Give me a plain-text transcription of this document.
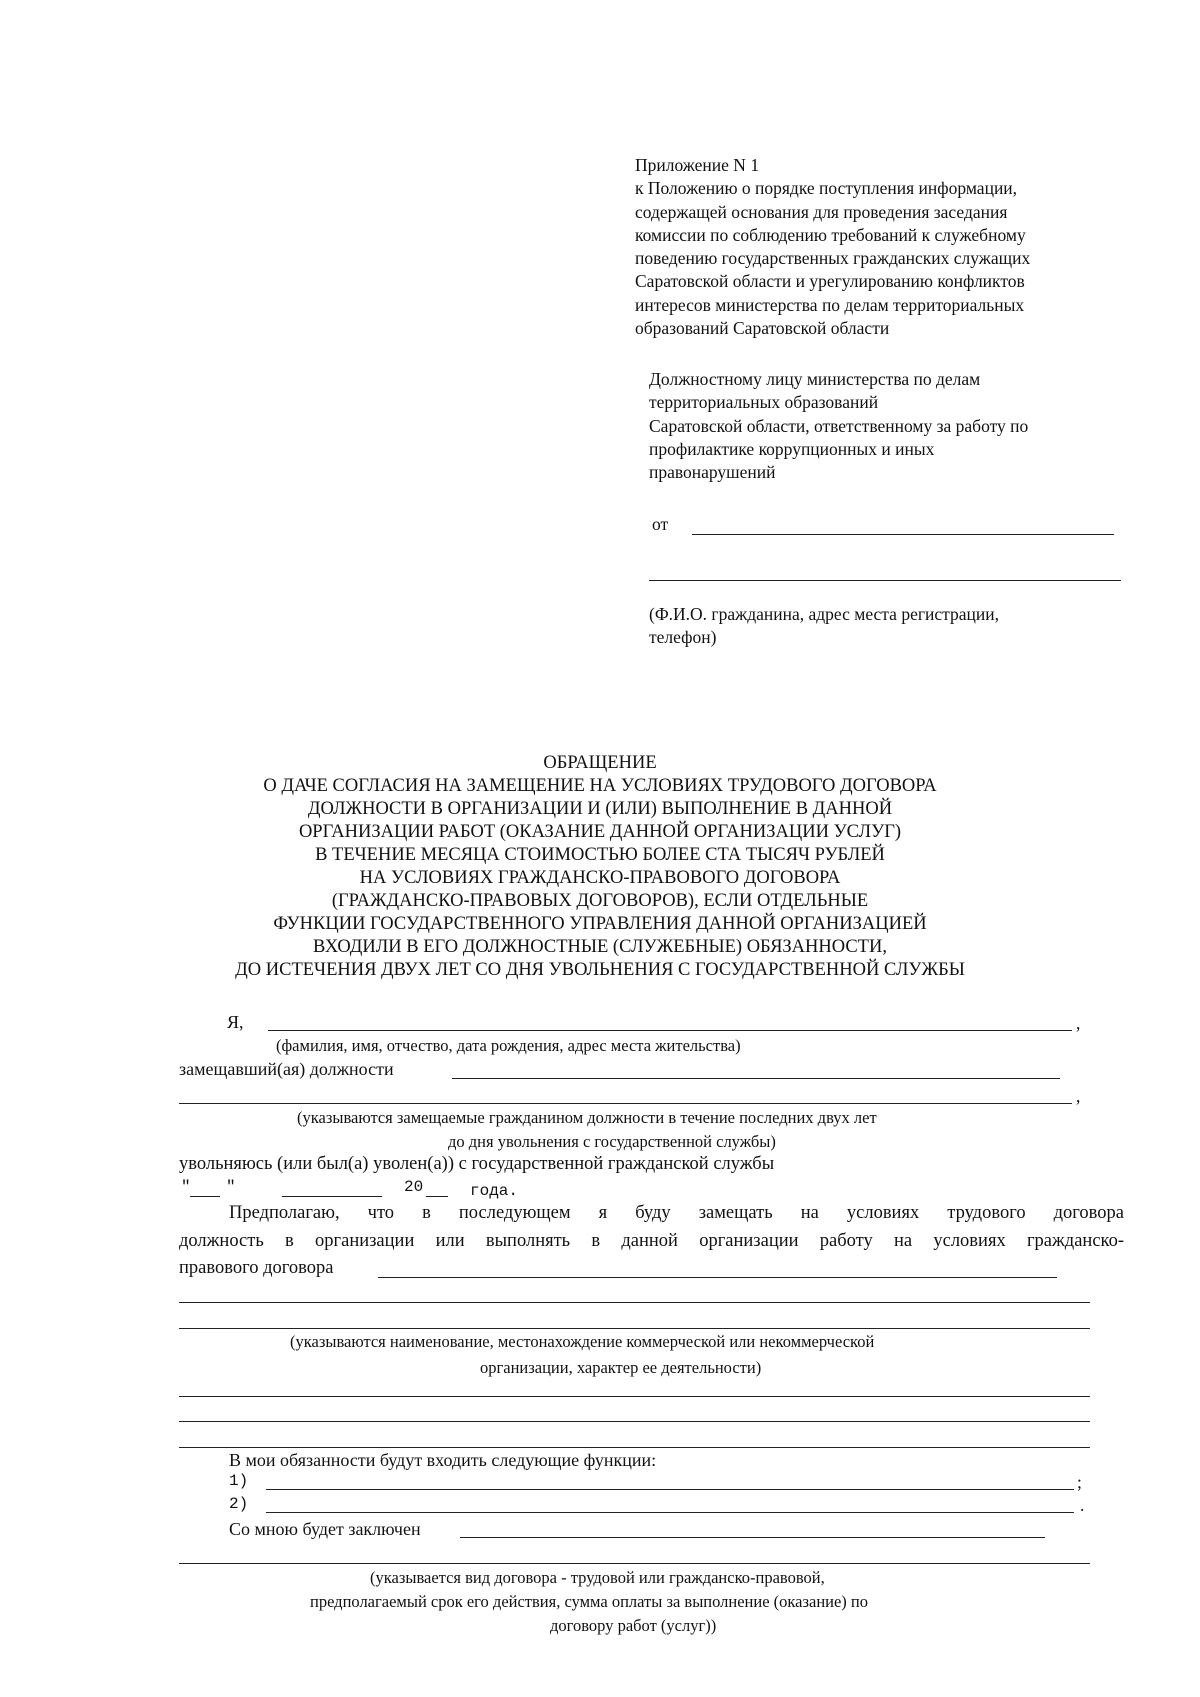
Приложение N 1
к Положению о порядке поступления информации,
содержащей основания для проведения заседания
комиссии по соблюдению требований к служебному
поведению государственных гражданских служащих
Саратовской области и урегулированию конфликтов
интересов министерства по делам территориальных
образований Саратовской области
Должностному лицу министерства по делам
территориальных образований
Саратовской области, ответственному за работу по
профилактике коррупционных и иных
правонарушений
от
(Ф.И.О. гражданина, адрес места регистрации,
телефон)
ОБРАЩЕНИЕ
О ДАЧЕ СОГЛАСИЯ НА ЗАМЕЩЕНИЕ НА УСЛОВИЯХ ТРУДОВОГО ДОГОВОРА
ДОЛЖНОСТИ В ОРГАНИЗАЦИИ И (ИЛИ) ВЫПОЛНЕНИЕ В ДАННОЙ
ОРГАНИЗАЦИИ РАБОТ (ОКАЗАНИЕ ДАННОЙ ОРГАНИЗАЦИИ УСЛУГ)
В ТЕЧЕНИЕ МЕСЯЦА СТОИМОСТЬЮ БОЛЕЕ СТА ТЫСЯЧ РУБЛЕЙ
НА УСЛОВИЯХ ГРАЖДАНСКО-ПРАВОВОГО ДОГОВОРА
(ГРАЖДАНСКО-ПРАВОВЫХ ДОГОВОРОВ), ЕСЛИ ОТДЕЛЬНЫЕ
ФУНКЦИИ ГОСУДАРСТВЕННОГО УПРАВЛЕНИЯ ДАННОЙ ОРГАНИЗАЦИЕЙ
ВХОДИЛИ В ЕГО ДОЛЖНОСТНЫЕ (СЛУЖЕБНЫЕ) ОБЯЗАННОСТИ,
ДО ИСТЕЧЕНИЯ ДВУХ ЛЕТ СО ДНЯ УВОЛЬНЕНИЯ С ГОСУДАРСТВЕННОЙ СЛУЖБЫ
Я,	,
(фамилия, имя, отчество, дата рождения, адрес места жительства)
замещавший(ая) должности
,
(указываются замещаемые гражданином должности в течение последних двух лет
до дня увольнения с государственной службы)
увольняюсь (или был(а) уволен(а)) с государственной гражданской службы
" "	20	года.
Предполагаю, что в последующем я буду замещать на условиях трудового договора
должность в организации или выполнять в данной организации работу на условиях гражданско-
правового договора
(указываются наименование, местонахождение коммерческой или некоммерческой
организации, характер ее деятельности)
В мои обязанности будут входить следующие функции:
1)	;
2)	.
Со мною будет заключен
(указывается вид договора - трудовой или гражданско-правовой,
предполагаемый срок его действия, сумма оплаты за выполнение (оказание) по
договору работ (услуг))
